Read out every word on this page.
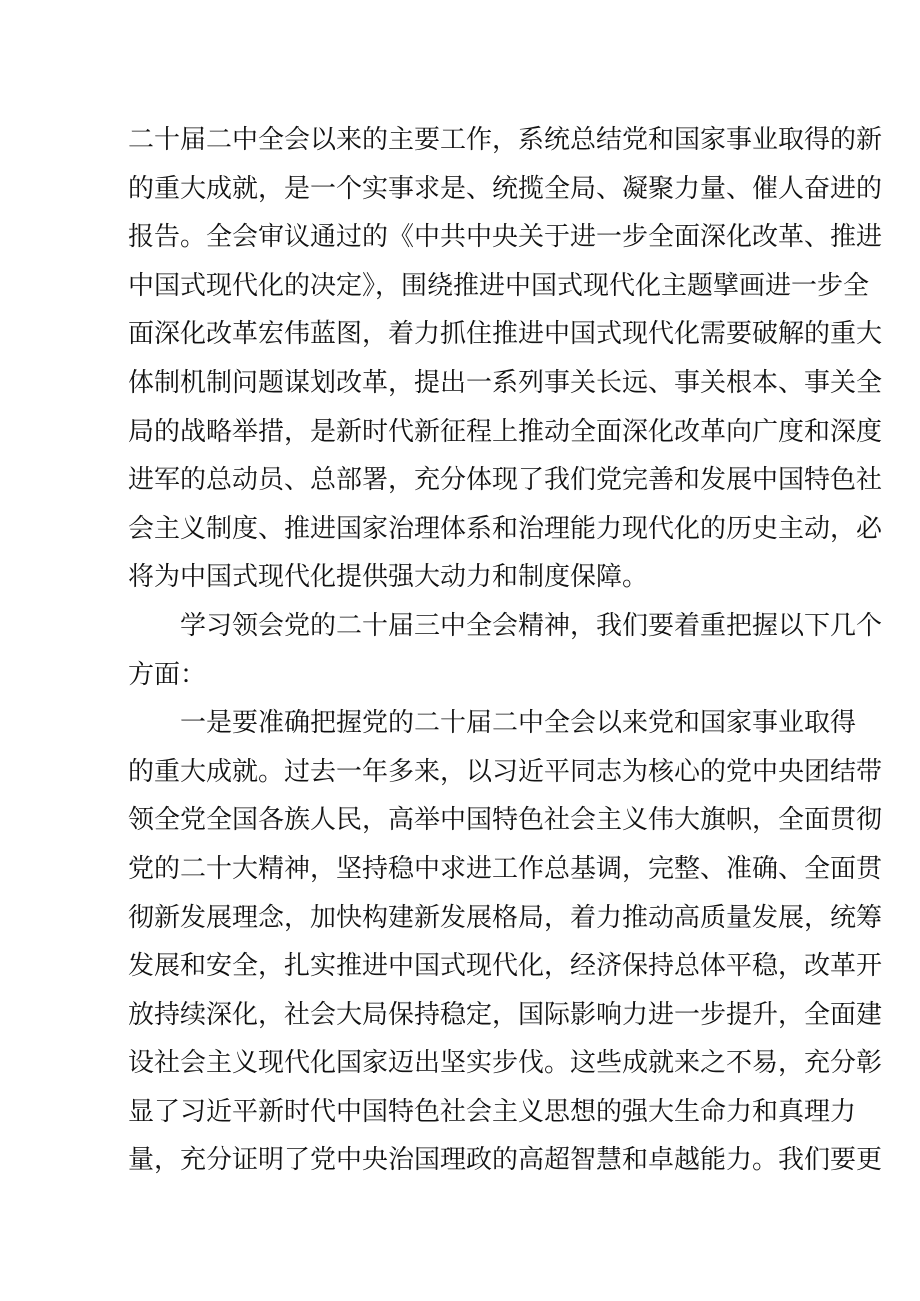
二十届二中全会以来的主要工作，系统总结党和国家事业取得的新
的重大成就，是一个实事求是、统揽全局、凝聚力量、催人奋进的
报告。全会审议通过的《中共中央关于进一步全面深化改革、推进
中国式现代化的决定》，围绕推进中国式现代化主题擘画进一步全
面深化改革宏伟蓝图，着力抓住推进中国式现代化需要破解的重大
体制机制问题谋划改革，提出一系列事关长远、事关根本、事关全
局的战略举措，是新时代新征程上推动全面深化改革向广度和深度
进军的总动员、总部署，充分体现了我们党完善和发展中国特色社
会主义制度、推进国家治理体系和治理能力现代化的历史主动，必
将为中国式现代化提供强大动力和制度保障。
学习领会党的二十届三中全会精神，我们要着重把握以下几个
方面：
一是要准确把握党的二十届二中全会以来党和国家事业取得
的重大成就。过去一年多来，以习近平同志为核心的党中央团结带
领全党全国各族人民，高举中国特色社会主义伟大旗帜，全面贯彻
党的二十大精神，坚持稳中求进工作总基调，完整、准确、全面贯
彻新发展理念，加快构建新发展格局，着力推动高质量发展，统筹
发展和安全，扎实推进中国式现代化，经济保持总体平稳，改革开
放持续深化，社会大局保持稳定，国际影响力进一步提升，全面建
设社会主义现代化国家迈出坚实步伐。这些成就来之不易，充分彰
显了习近平新时代中国特色社会主义思想的强大生命力和真理力
量，充分证明了党中央治国理政的高超智慧和卓越能力。我们要更
